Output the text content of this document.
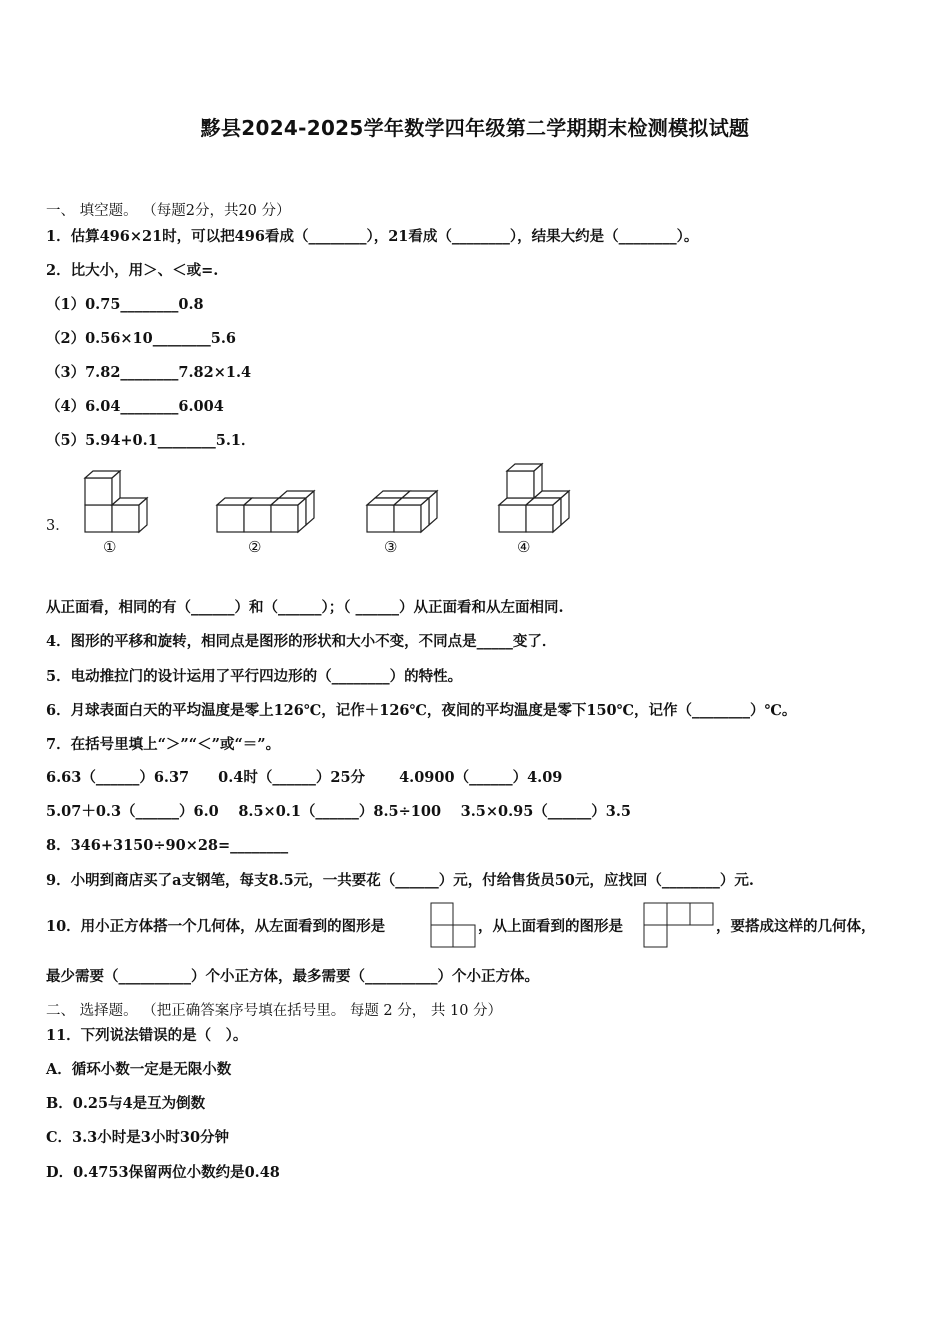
黟县2024-2025学年数学四年级第二学期期末检测模拟试题
一、 填空题。 （每题2分，共20 分）
1．估算496×21时，可以把496看成（________），21看成（________），结果大约是（________）。
2．比大小，用＞、＜或=.
（1）0.75________0.8
（2）0.56×10________5.6
（3）7.82________7.82×1.4
（4）6.04________6.004
（5）5.94+0.1________5.1．
3．
①	②	③	④
从正面看，相同的有（______）和（______）；（ ______）从正面看和从左面相同.
4．图形的平移和旋转，相同点是图形的形状和大小不变，不同点是_____变了．
5．电动推拉门的设计运用了平行四边形的（________）的特性。
6．月球表面白天的平均温度是零上126℃，记作＋126℃，夜间的平均温度是零下150℃，记作（________）℃。
7．在括号里填上“＞”“＜”或“＝”。
6.63（______）6.37　　0.4时（______）25分　　 4.0900（______）4.09
5.07＋0.3（______）6.0　 8.5×0.1（______）8.5÷100　 3.5×0.95（______）3.5
8．346+3150÷90×28=________
9．小明到商店买了a支钢笔，每支8.5元，一共要花（______）元，付给售货员50元，应找回（________）元.
10．用小正方体搭一个几何体，从左面看到的图形是	，从上面看到的图形是	，要搭成这样的几何体，
最少需要（__________）个小正方体，最多需要（__________）个小正方体。
二、 选择题。 （把正确答案序号填在括号里。 每题 2 分， 共 10 分）
11．下列说法错误的是（　）。
A．循环小数一定是无限小数
B．0.25与4是互为倒数
C．3.3小时是3小时30分钟
D．0.4753保留两位小数约是0.48
